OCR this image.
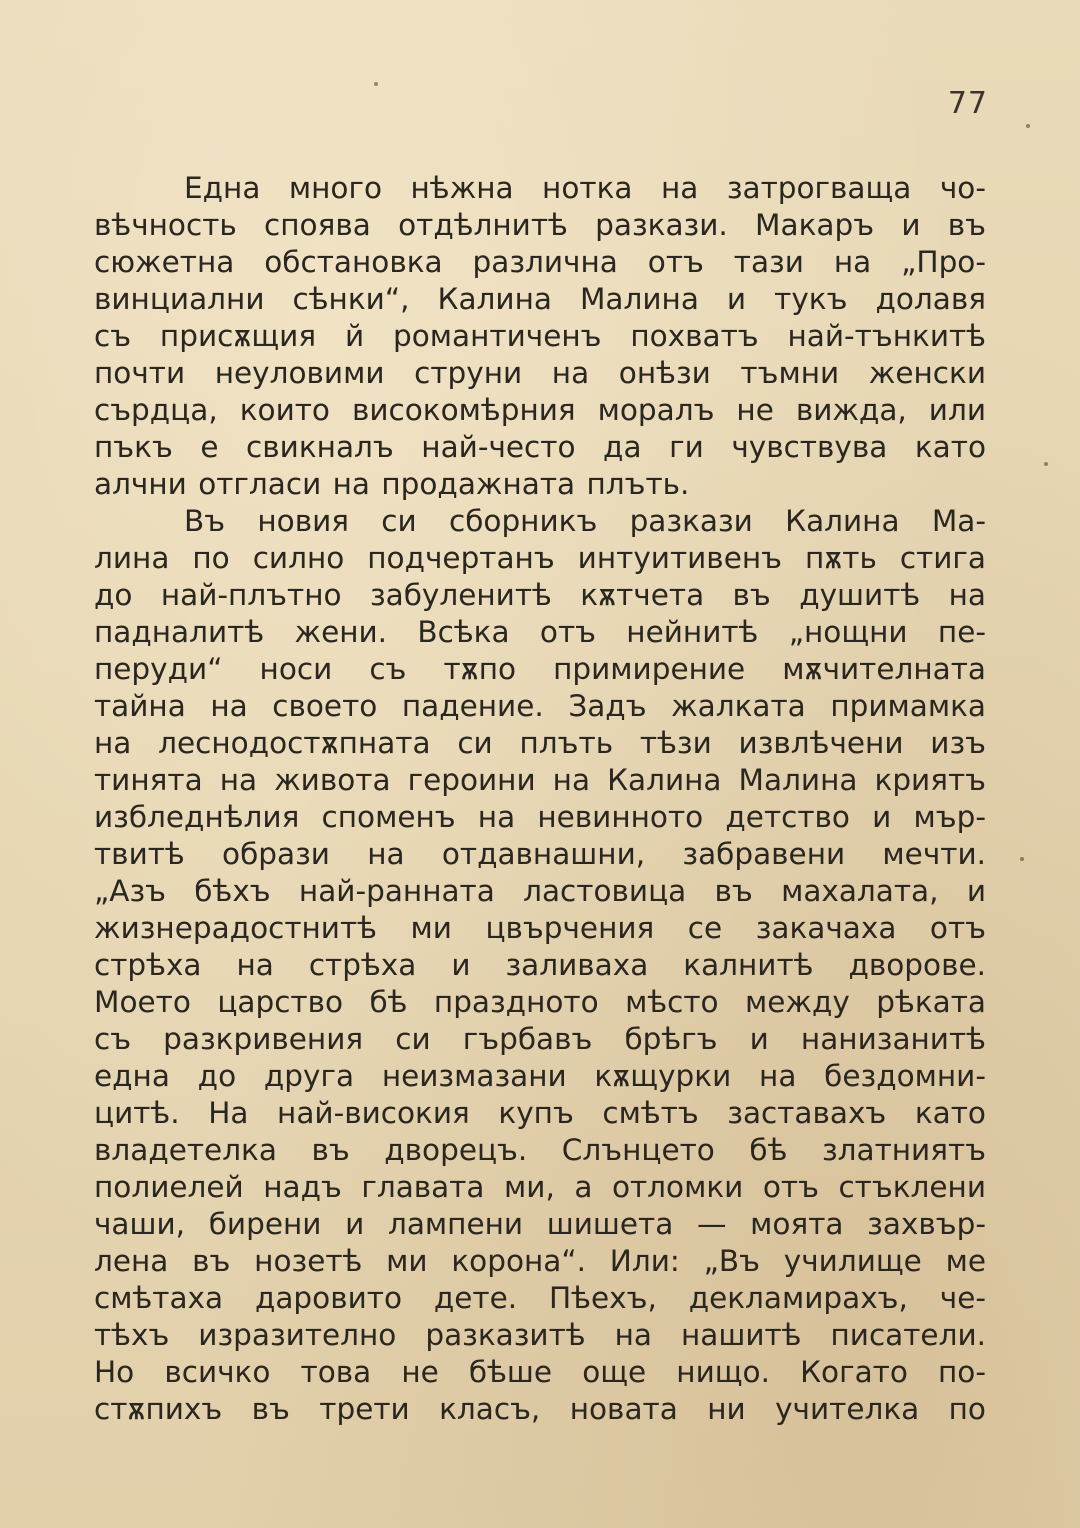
77
Една много нѣжна нотка на затрогваща чо-
вѣчность споява отдѣлнитѣ разкази. Макаръ и въ
сюжетна обстановка различна отъ тази на „Про-
винциални сѣнки“, Калина Малина и тукъ долавя
съ присѫщия й романтиченъ похватъ най-тънкитѣ
почти неуловими струни на онѣзи тъмни женски
сърдца, които високомѣрния моралъ не вижда, или
пъкъ е свикналъ най-често да ги чувствува като
алчни отгласи на продажната плъть.
Въ новия си сборникъ разкази Калина Ма-
лина по силно подчертанъ интуитивенъ пѫть стига
до най-плътно забуленитѣ кѫтчета въ душитѣ на
падналитѣ жени. Всѣка отъ нейнитѣ „нощни пе-
перуди“ носи съ тѫпо примирение мѫчителната
тайна на своето падение. Задъ жалката примамка
на леснодостѫпната си плъть тѣзи извлѣчени изъ
тинята на живота героини на Калина Малина криятъ
избледнѣлия споменъ на невинното детство и мър-
твитѣ образи на отдавнашни, забравени мечти.
„Азъ бѣхъ най-ранната ластовица въ махалата, и
жизнерадостнитѣ ми цвърчения се закачаха отъ
стрѣха на стрѣха и заливаха калнитѣ дворове.
Моето царство бѣ праздното мѣсто между рѣката
съ разкривения си гърбавъ брѣгъ и нанизанитѣ
една до друга неизмазани кѫщурки на бездомни-
цитѣ. На най-високия купъ смѣтъ заставахъ като
владетелка въ дворецъ. Слънцето бѣ златниятъ
полиелей надъ главата ми, а отломки отъ стъклени
чаши, бирени и лампени шишета — моята захвър-
лена въ нозетѣ ми корона“. Или: „Въ училище ме
смѣтаха даровито дете. Пѣехъ, декламирахъ, че-
тѣхъ изразително разказитѣ на нашитѣ писатели.
Но всичко това не бѣше още нищо. Когато по-
стѫпихъ въ трети класъ, новата ни учителка по
